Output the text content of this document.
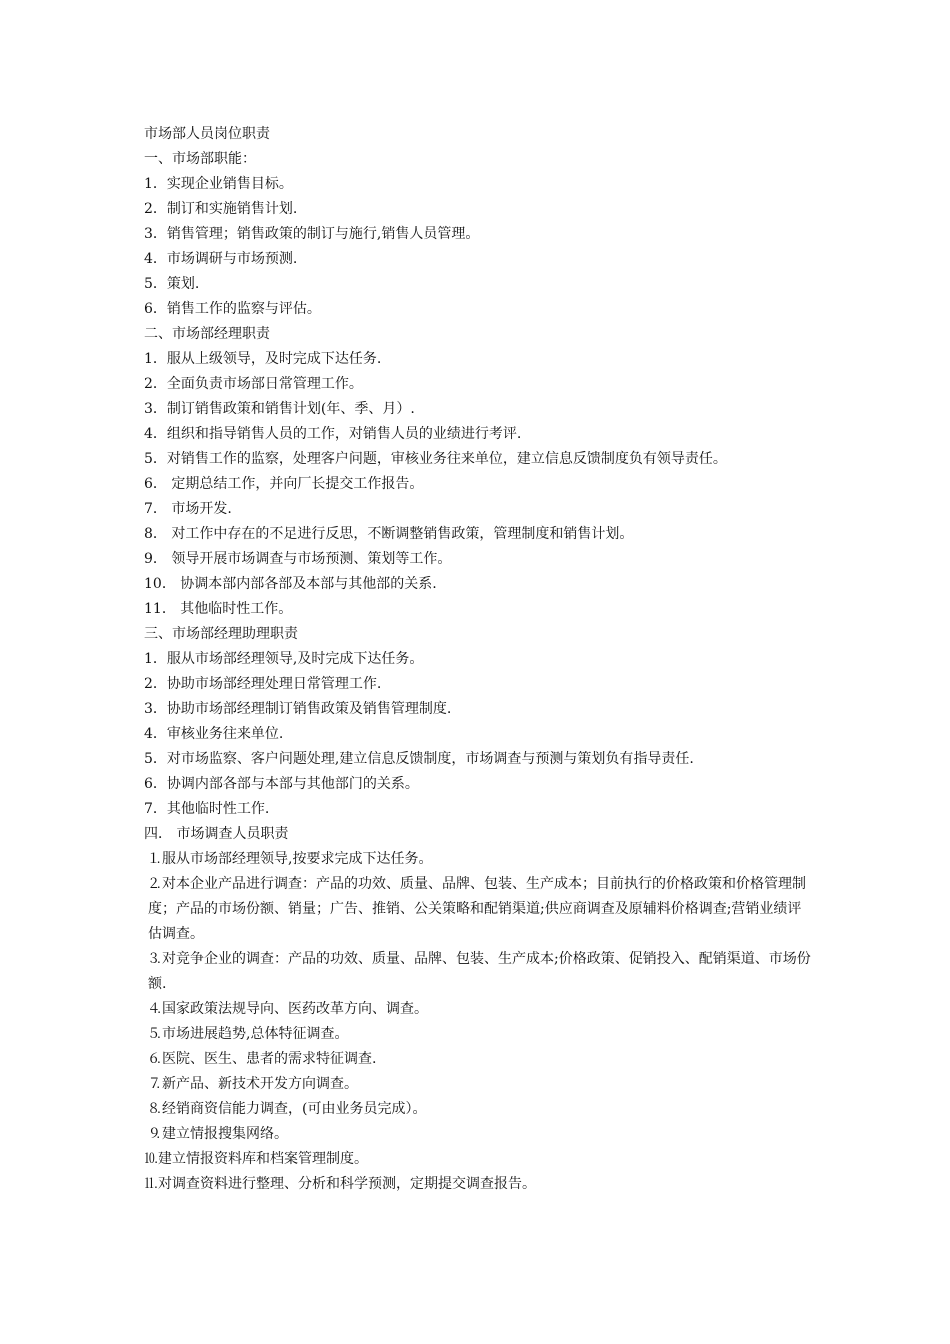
市场部人员岗位职责

一、市场部职能：

1．实现企业销售目标。

2．制订和实施销售计划.

3．销售管理；销售政策的制订与施行,销售人员管理。

4．市场调研与市场预测.

5．策划.

6．销售工作的监察与评估。

二、市场部经理职责

1．服从上级领导，及时完成下达任务.

2．全面负责市场部日常管理工作。

3．制订销售政策和销售计划(年、季、月）.

4．组织和指导销售人员的工作，对销售人员的业绩进行考评.

5．对销售工作的监察，处理客户问题，审核业务往来单位，建立信息反馈制度负有领导责任。

6． 定期总结工作，并向厂长提交工作报告。

7． 市场开发.

8． 对工作中存在的不足进行反思，不断调整销售政策，管理制度和销售计划。

9． 领导开展市场调查与市场预测、策划等工作。

10． 协调本部内部各部及本部与其他部的关系.

11． 其他临时性工作。

三、市场部经理助理职责

1．服从市场部经理领导,及时完成下达任务。

2．协助市场部经理处理日常管理工作.

3．协助市场部经理制订销售政策及销售管理制度.

4．审核业务往来单位.

5．对市场监察、客户问题处理,建立信息反馈制度，市场调查与预测与策划负有指导责任.

6．协调内部各部与本部与其他部门的关系。

7．其他临时性工作.

四． 市场调查人员职责

⒈服从市场部经理领导,按要求完成下达任务。

⒉对本企业产品进行调查：产品的功效、质量、品牌、包装、生产成本；目前执行的价格政策和价格管理制度；产品的市场份额、销量；广告、推销、公关策略和配销渠道;供应商调查及原辅料价格调查;营销业绩评估调查。

⒊对竞争企业的调查：产品的功效、质量、品牌、包装、生产成本;价格政策、促销投入、配销渠道、市场份额.

⒋国家政策法规导向、医药改革方向、调查。

⒌市场进展趋势,总体特征调查。

⒍医院、医生、患者的需求特征调查.

⒎新产品、新技术开发方向调查。

⒏经销商资信能力调查，(可由业务员完成）。

⒐建立情报搜集网络。

⒑建立情报资料库和档案管理制度。

⒒对调查资料进行整理、分析和科学预测，定期提交调查报告。
